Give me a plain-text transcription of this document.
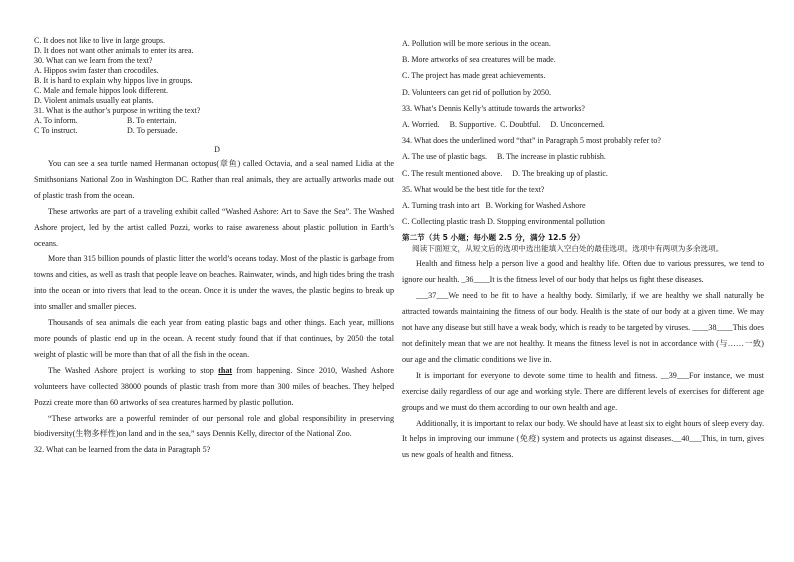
C. It does not like to live in large groups.
D. It does not want other animals to enter its area.
30. What can we learn from the text?
A. Hippos swim faster than crocodiles.
B. It is hard to explain why hippos live in groups.
C. Male and female hippos look different.
D. Violent animals usually eat plants.
31. What is the author’s purpose in writing the text?
A. To inform.	B. To entertain.
C To instruct.	D. To persuade.
D

You can see a sea turtle named Hermanan octopus(章鱼) called Octavia, and a seal named Lidia at the Smithsonians National Zoo in Washington DC. Rather than real animals, they are actually artworks made out of plastic trash from the ocean.

These artworks are part of a traveling exhibit called “Washed Ashore: Art to Save the Sea”. The Washed Ashore project, led by the artist called Pozzi, works to raise awareness about plastic pollution in Earth’s oceans.

More than 315 billion pounds of plastic litter the world’s oceans today. Most of the plastic is garbage from towns and cities, as well as trash that people leave on beaches. Rainwater, winds, and high tides bring the trash into the ocean or into rivers that lead to the ocean. Once it is under the waves, the plastic begins to break up into smaller and smaller pieces.

Thousands of sea animals die each year from eating plastic bags and other things. Each year, millions more pounds of plastic end up in the ocean. A recent study found that if that continues, by 2050 the total weight of plastic will be more than that of all the fish in the ocean.

The Washed Ashore project is working to stop that from happening. Since 2010, Washed Ashore volunteers have collected 38000 pounds of plastic trash from more than 300 miles of beaches. They helped Pozzi create more than 60 artworks of sea creatures harmed by plastic pollution.

“These artworks are a powerful reminder of our personal role and global responsibility in preserving biodiversity(生物多样性)on land and in the sea,” says Dennis Kelly, director of the National Zoo.

32. What can be learned from the data in Paragraph 5?

A. Pollution will be more serious in the ocean.
B. More artworks of sea creatures will be made.
C. The project has made great achievements.
D. Volunteers can get rid of pollution by 2050.
33. What’s Dennis Kelly’s attitude towards the artworks?
A. Worried.     B. Supportive.  C. Doubtful.     D. Unconcerned.
34. What does the underlined word “that” in Paragraph 5 most probably refer to?
A. The use of plastic bags.     B. The increase in plastic rubbish.
C. The result mentioned above.     D. The breaking up of plastic.
35. What would be the best title for the text?
A. Turning trash into art   B. Working for Washed Ashore
C. Collecting plastic trash D. Stopping environmental pollution
第二节（共 5 小题；每小题 2.5 分，满分 12.5 分）
阅读下面短文，从短文后的选项中选出能填入空白处的最佳选项。选项中有两项为多余选项。

Health and fitness help a person live a good and healthy life. Often due to various pressures, we tend to ignore our health. _36____It is the fitness level of our body that helps us fight these diseases.

___37___We need to be fit to have a healthy body. Similarly, if we are healthy we shall naturally be attracted towards maintaining the fitness of our body. Health is the state of our body at a given time. We may not have any disease but still have a weak body, which is ready to be targeted by viruses. ____38____This does not definitely mean that we are not healthy. It means the fitness level is not in accordance with (与……一致) our age and the climatic conditions we live in.

It is important for everyone to devote some time to health and fitness. __39___For instance, we must exercise daily regardless of our age and working style. There are different levels of exercises for different age groups and we must do them according to our own health and age.

Additionally, it is important to relax our body. We should have at least six to eight hours of sleep every day. It helps in improving our immune (免疫) system and protects us against diseases.__40___This, in turn, gives us new goals of health and fitness.
